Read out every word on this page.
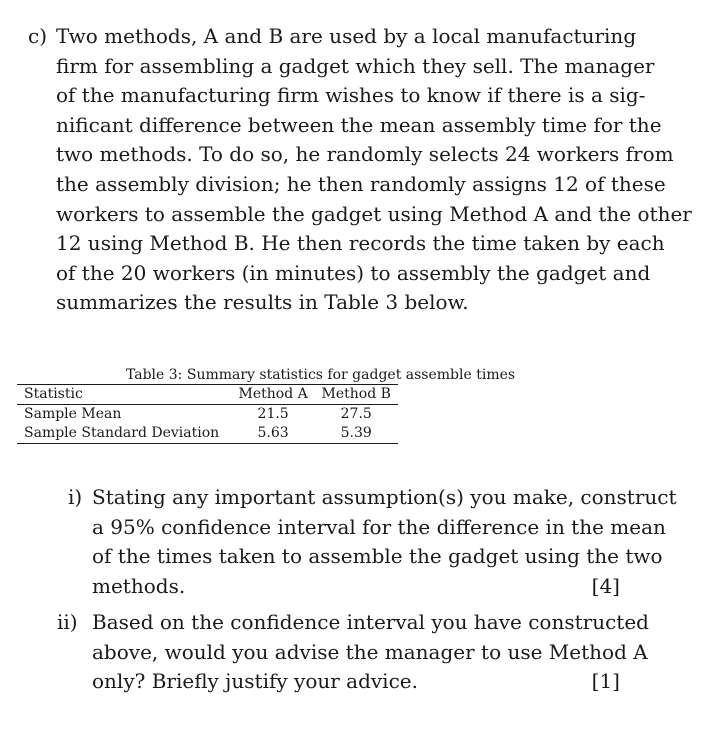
c) Two methods, A and B are used by a local manufacturing
firm for assembling a gadget which they sell. The manager
of the manufacturing firm wishes to know if there is a sig-
nificant difference between the mean assembly time for the
two methods. To do so, he randomly selects 24 workers from
the assembly division; he then randomly assigns 12 of these
workers to assemble the gadget using Method A and the other
12 using Method B. He then records the time taken by each
of the 20 workers (in minutes) to assembly the gadget and
summarizes the results in Table 3 below.
Table 3: Summary statistics for gadget assemble times
Statistic	Method A	Method B
Sample Mean	21.5	27.5
Sample Standard Deviation	5.63	5.39
i) Stating any important assumption(s) you make, construct
a 95% confidence interval for the difference in the mean
of the times taken to assemble the gadget using the two
methods.	[4]
ii) Based on the confidence interval you have constructed
above, would you advise the manager to use Method A
only? Briefly justify your advice.	[1]
